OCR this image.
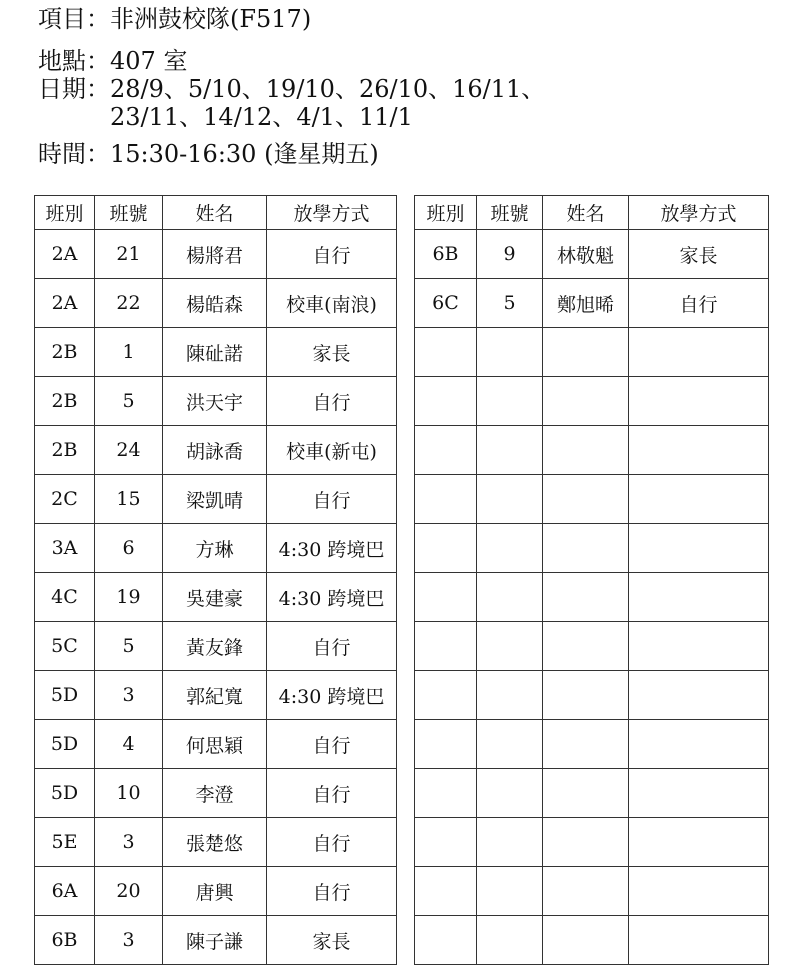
項目：非洲鼓校隊(F517)
地點：407 室
日期： 28/9、5/10、19/10、26/10、16/11、
23/11、14/12、4/1、11/1
時間：15:30-16:30 (逢星期五)
班別	班號	姓名	放學方式
2A	21	楊將君	自行
2A	22	楊皓森	校車(南浪)
2B	1	陳砋諾	家長
2B	5	洪天宇	自行
2B	24	胡詠喬	校車(新屯)
2C	15	梁凱晴	自行
3A	6	方琳	4:30 跨境巴
4C	19	吳建豪	4:30 跨境巴
5C	5	黃友鋒	自行
5D	3	郭紀寬	4:30 跨境巴
5D	4	何思穎	自行
5D	10	李澄	自行
5E	3	張楚悠	自行
6A	20	唐興	自行
6B	3	陳子謙	家長
班別	班號	姓名	放學方式
6B	9	林敬魁	家長
6C	5	鄭旭晞	自行
